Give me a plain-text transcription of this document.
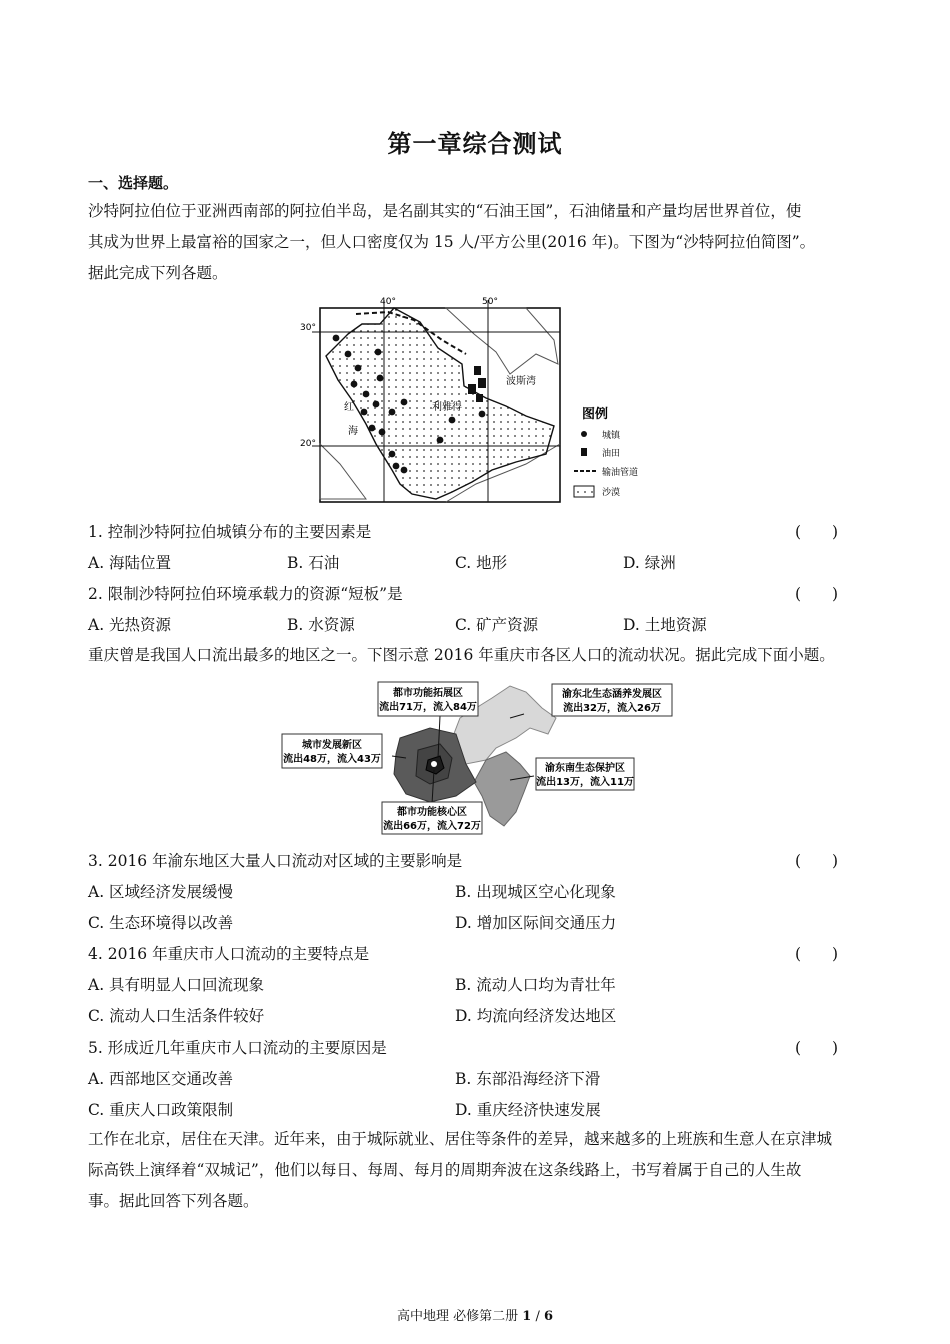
第一章综合测试
一、选择题。
沙特阿拉伯位于亚洲西南部的阿拉伯半岛，是名副其实的“石油王国”，石油储量和产量均居世界首位，使
其成为世界上最富裕的国家之一，但人口密度仅为 15 人/平方公里(2016 年)。下图为“沙特阿拉伯简图”。
据此完成下列各题。
40°	50°
30°
20°
波斯湾
红
海
利雅得	图例
城镇
油田
输油管道
沙漠
1. 控制沙特阿拉伯城镇分布的主要因素是	(　　)
A. 海陆位置	B. 石油	C. 地形	D. 绿洲
2. 限制沙特阿拉伯环境承载力的资源“短板”是	(　　)
A. 光热资源	B. 水资源	C. 矿产资源	D. 土地资源
重庆曾是我国人口流出最多的地区之一。下图示意 2016 年重庆市各区人口的流动状况。据此完成下面小题。
都市功能拓展区
流出71万，流入84万
渝东北生态涵养发展区
流出32万，流入26万
城市发展新区
流出48万，流入43万
渝东南生态保护区
流出13万，流入11万
都市功能核心区
流出66万，流入72万
3. 2016 年渝东地区大量人口流动对区域的主要影响是	(　　)
A. 区域经济发展缓慢	B. 出现城区空心化现象
C. 生态环境得以改善	D. 增加区际间交通压力
4. 2016 年重庆市人口流动的主要特点是	(　　)
A. 具有明显人口回流现象	B. 流动人口均为青壮年
C. 流动人口生活条件较好	D. 均流向经济发达地区
5. 形成近几年重庆市人口流动的主要原因是	(　　)
A. 西部地区交通改善	B. 东部沿海经济下滑
C. 重庆人口政策限制	D. 重庆经济快速发展
工作在北京，居住在天津。近年来，由于城际就业、居住等条件的差异，越来越多的上班族和生意人在京津城
际高铁上演绎着“双城记”，他们以每日、每周、每月的周期奔波在这条线路上，书写着属于自己的人生故
事。据此回答下列各题。
高中地理 必修第二册 1 / 6
